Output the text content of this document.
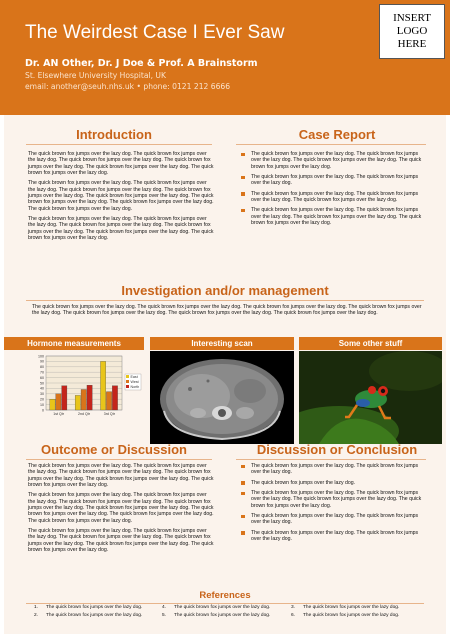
The Weirdest Case I Ever Saw
Dr. AN Other, Dr. J Doe & Prof. A Brainstorm
St. Elsewhere University Hospital, UK
email: another@seuh.nhs.uk • phone: 0121 212 6666
INSERT
LOGO
HERE
Introduction

The quick brown fox jumps over the lazy dog. The quick brown fox jumps over the lazy dog. The quick brown fox jumps over the lazy dog. The quick brown fox jumps over the lazy dog. The quick brown fox jumps over the lazy dog. The quick brown fox jumps over the lazy dog.

The quick brown fox jumps over the lazy dog. The quick brown fox jumps over the lazy dog. The quick brown fox jumps over the lazy dog. The quick brown fox jumps over the lazy dog. The quick brown fox jumps over the lazy dog. The quick brown fox jumps over the lazy dog. The quick brown fox jumps over the lazy dog. The quick brown fox jumps over the lazy dog.

The quick brown fox jumps over the lazy dog. The quick brown fox jumps over the lazy dog. The quick brown fox jumps over the lazy dog. The quick brown fox jumps over the lazy dog. The quick brown fox jumps over the lazy dog. The quick brown fox jumps over the lazy dog.

Case Report
The quick brown fox jumps over the lazy dog. The quick brown fox jumps over the lazy dog. The quick brown fox jumps over the lazy dog. The quick brown fox jumps over the lazy dog.
The quick brown fox jumps over the lazy dog. The quick brown fox jumps over the lazy dog.
The quick brown fox jumps over the lazy dog. The quick brown fox jumps over the lazy dog. The quick brown fox jumps over the lazy dog.
The quick brown fox jumps over the lazy dog. The quick brown fox jumps over the lazy dog. The quick brown fox jumps over the lazy dog. The quick brown fox jumps over the lazy dog.
Investigation and/or management
The quick brown fox jumps over the lazy dog. The quick brown fox jumps over the lazy dog. The quick brown fox jumps over the lazy dog. The quick brown fox jumps over the lazy dog. The quick brown fox jumps over the lazy dog. The quick brown fox jumps over the lazy dog. The quick brown fox jumps over the lazy dog.
Hormone measurements	Interesting scan	Some other stuff
0
10
20
30
40
50
60
70
80
90
100
1st Qtr	2nd Qtr	3rd Qtr
East
West
North
Outcome or Discussion

The quick brown fox jumps over the lazy dog. The quick brown fox jumps over the lazy dog. The quick brown fox jumps over the lazy dog. The quick brown fox jumps over the lazy dog. The quick brown fox jumps over the lazy dog. The quick brown fox jumps over the lazy dog.

The quick brown fox jumps over the lazy dog. The quick brown fox jumps over the lazy dog. The quick brown fox jumps over the lazy dog. The quick brown fox jumps over the lazy dog. The quick brown fox jumps over the lazy dog. The quick brown fox jumps over the lazy dog. The quick brown fox jumps over the lazy dog. The quick brown fox jumps over the lazy dog.

The quick brown fox jumps over the lazy dog. The quick brown fox jumps over the lazy dog. The quick brown fox jumps over the lazy dog. The quick brown fox jumps over the lazy dog. The quick brown fox jumps over the lazy dog. The quick brown fox jumps over the lazy dog.

Discussion or Conclusion
The quick brown fox jumps over the lazy dog. The quick brown fox jumps over the lazy dog.
The quick brown fox jumps over the lazy dog.
The quick brown fox jumps over the lazy dog. The quick brown fox jumps over the lazy dog. The quick brown fox jumps over the lazy dog. The quick brown fox jumps over the lazy dog.
The quick brown fox jumps over the lazy dog. The quick brown fox jumps over the lazy dog.
The quick brown fox jumps over the lazy dog. The quick brown fox jumps over the lazy dog.
References
1. The quick brown fox jumps over the lazy dog.
2. The quick brown fox jumps over the lazy dog.
4. The quick brown fox jumps over the lazy dog.
5. The quick brown fox jumps over the lazy dog.
3. The quick brown fox jumps over the lazy dog.
6. The quick brown fox jumps over the lazy dog.
